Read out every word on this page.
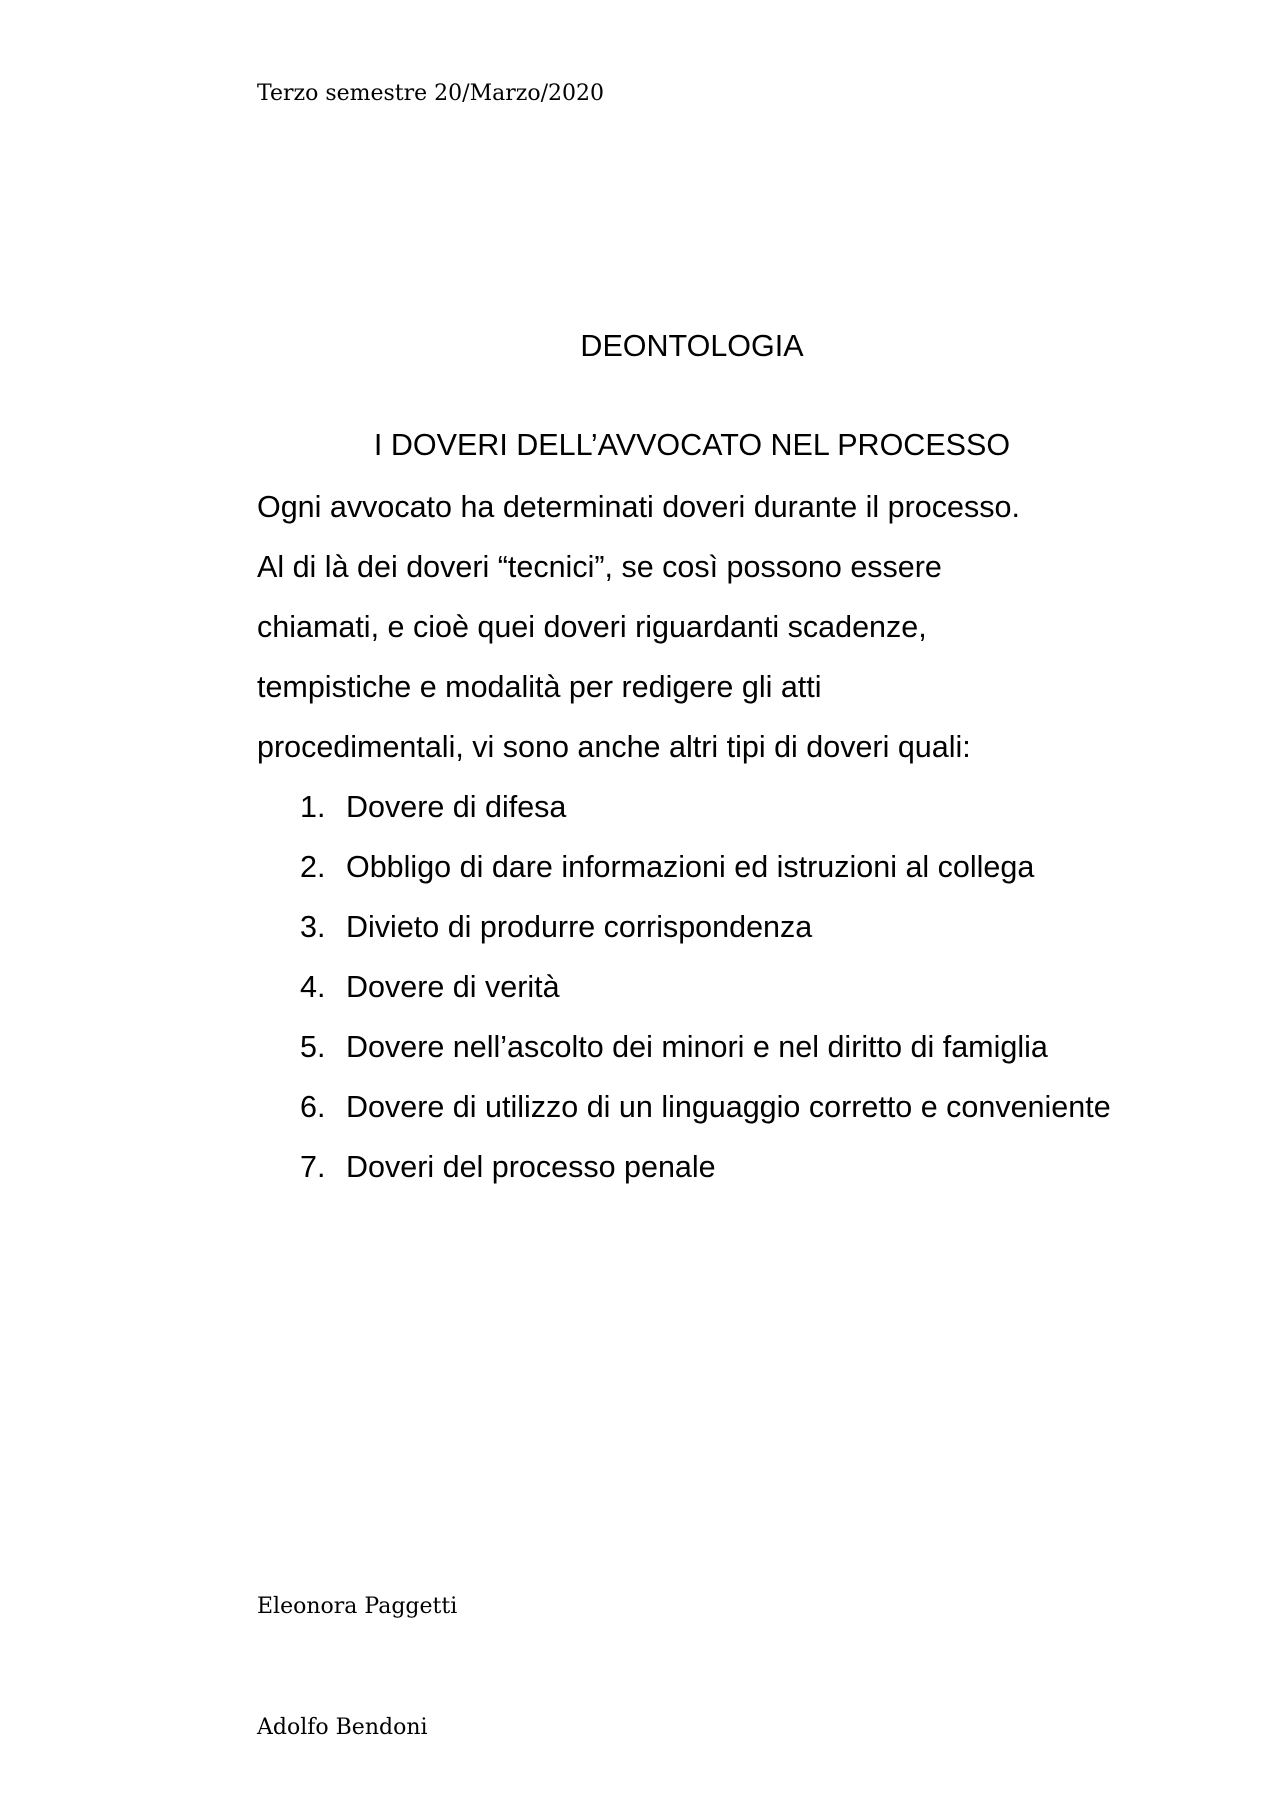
Terzo semestre 20/Marzo/2020
DEONTOLOGIA
I DOVERI DELL’AVVOCATO NEL PROCESSO

Ogni avvocato ha determinati doveri durante il processo.

Al di là dei doveri “tecnici”, se così possono essere

chiamati, e cioè quei doveri riguardanti scadenze,

tempistiche e modalità per redigere gli atti

procedimentali, vi sono anche altri tipi di doveri quali:

1. Dovere di difesa
2. Obbligo di dare informazioni ed istruzioni al collega
3. Divieto di produrre corrispondenza
4. Dovere di verità
5. Dovere nell’ascolto dei minori e nel diritto di famiglia
6. Dovere di utilizzo di un linguaggio corretto e conveniente
7. Doveri del processo penale
Eleonora Paggetti
Adolfo Bendoni
